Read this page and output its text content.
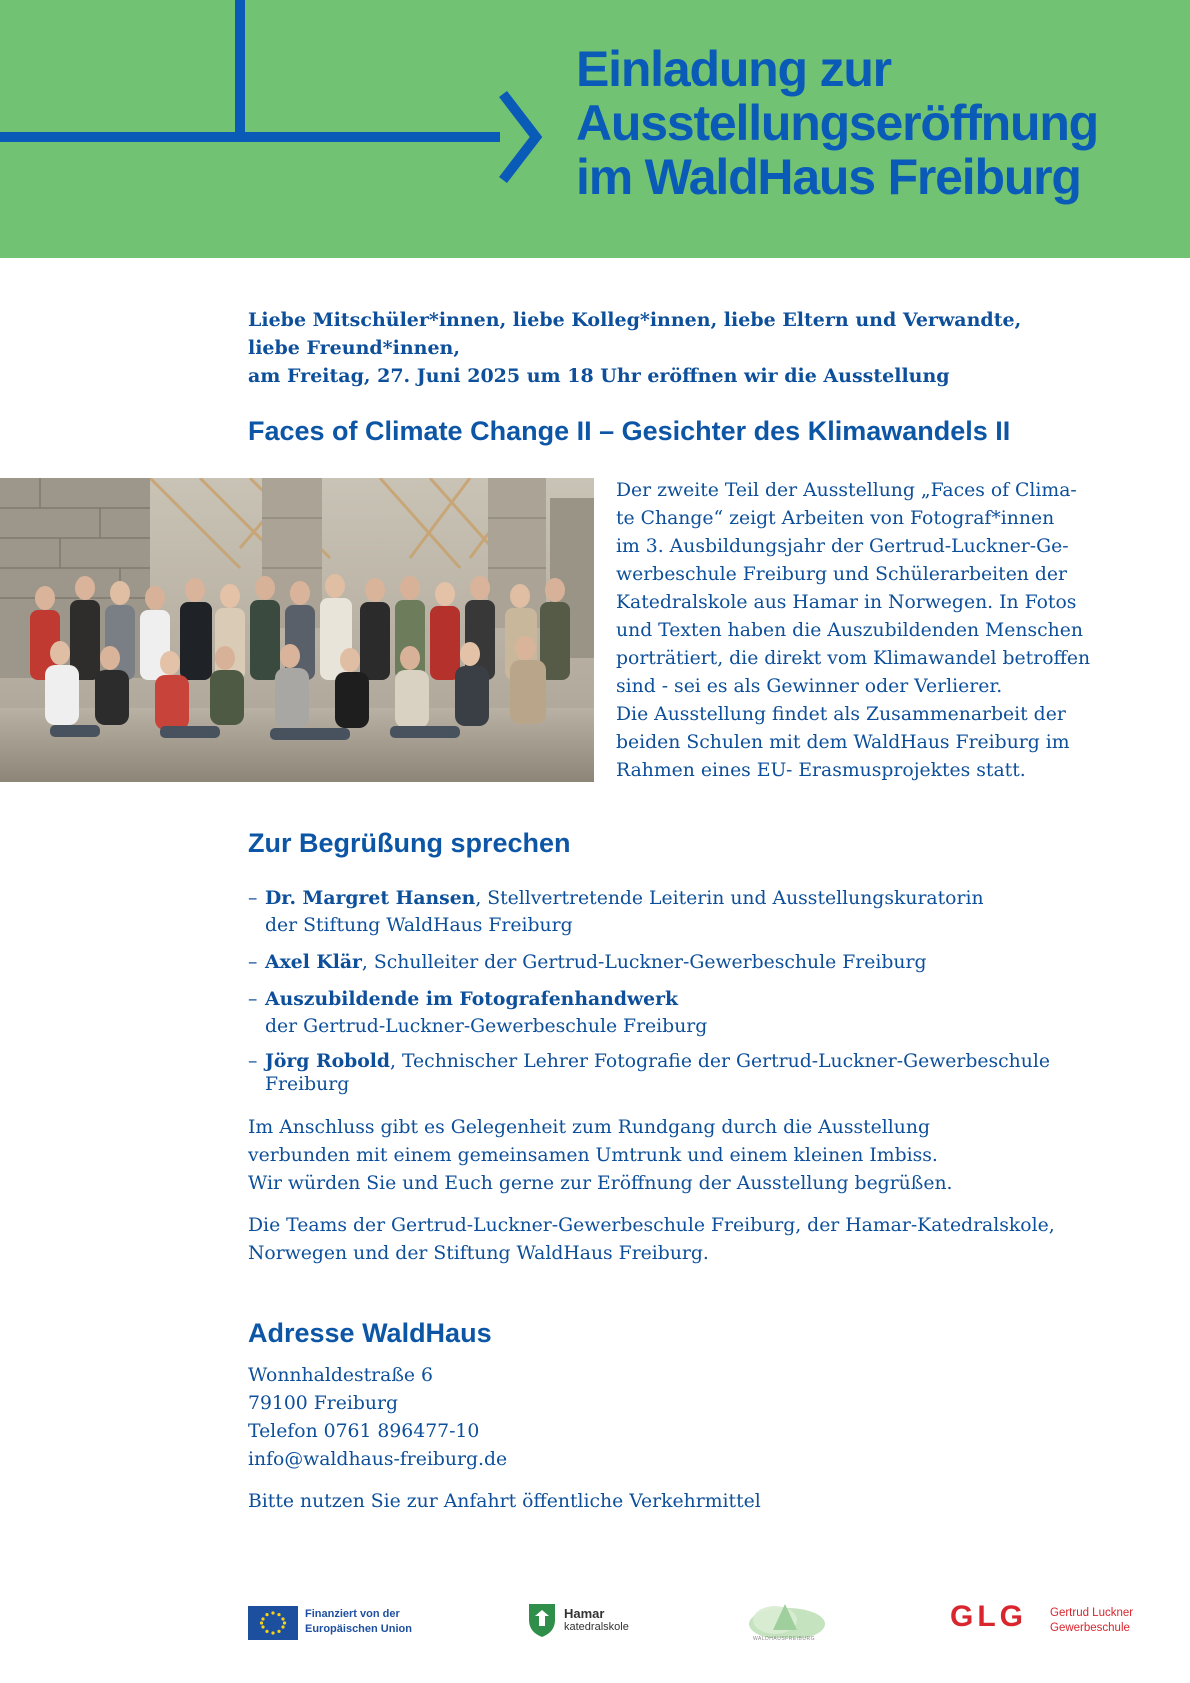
Einladung zur
Ausstellungseröffnung
im WaldHaus Freiburg
Liebe Mitschüler*innen, liebe Kolleg*innen, liebe Eltern und Verwandte,
liebe Freund*innen,
am Freitag, 27. Juni 2025 um 18 Uhr eröffnen wir die Ausstellung
Faces of Climate Change II – Gesichter des Klimawandels II
Der zweite Teil der Ausstellung „Faces of Clima-
te Change“ zeigt Arbeiten von Fotograf*innen
im 3. Ausbildungsjahr der Gertrud-Luckner-Ge-
werbeschule Freiburg und Schülerarbeiten der
Katedralskole aus Hamar in Norwegen. In Fotos
und Texten haben die Auszubildenden Menschen
porträtiert, die direkt vom Klimawandel betroffen
sind - sei es als Gewinner oder Verlierer.
Die Ausstellung findet als Zusammenarbeit der
beiden Schulen mit dem WaldHaus Freiburg im
Rahmen eines EU- Erasmusprojektes statt.
Zur Begrüßung sprechen
– Dr. Margret Hansen, Stellvertretende Leiterin und Ausstellungskuratorin
der Stiftung WaldHaus Freiburg
– Axel Klär, Schulleiter der Gertrud-Luckner-Gewerbeschule Freiburg
– Auszubildende im Fotografenhandwerk
der Gertrud-Luckner-Gewerbeschule Freiburg
– Jörg Robold, Technischer Lehrer Fotografie der Gertrud-Luckner-Gewerbeschule
Freiburg
Im Anschluss gibt es Gelegenheit zum Rundgang durch die Ausstellung
verbunden mit einem gemeinsamen Umtrunk und einem kleinen Imbiss.
Wir würden Sie und Euch gerne zur Eröffnung der Ausstellung begrüßen.
Die Teams der Gertrud-Luckner-Gewerbeschule Freiburg, der Hamar-Katedralskole,
Norwegen und der Stiftung WaldHaus Freiburg.
Adresse WaldHaus
Wonnhaldestraße 6
79100 Freiburg
Telefon 0761 896477-10
info@waldhaus-freiburg.de
Bitte nutzen Sie zur Anfahrt öffentliche Verkehrmittel
Finanziert von der
Europäischen Union
Hamar
katedralskole
WALDHAUSFREIBURG
GLG Gertrud Luckner
Gewerbeschule
